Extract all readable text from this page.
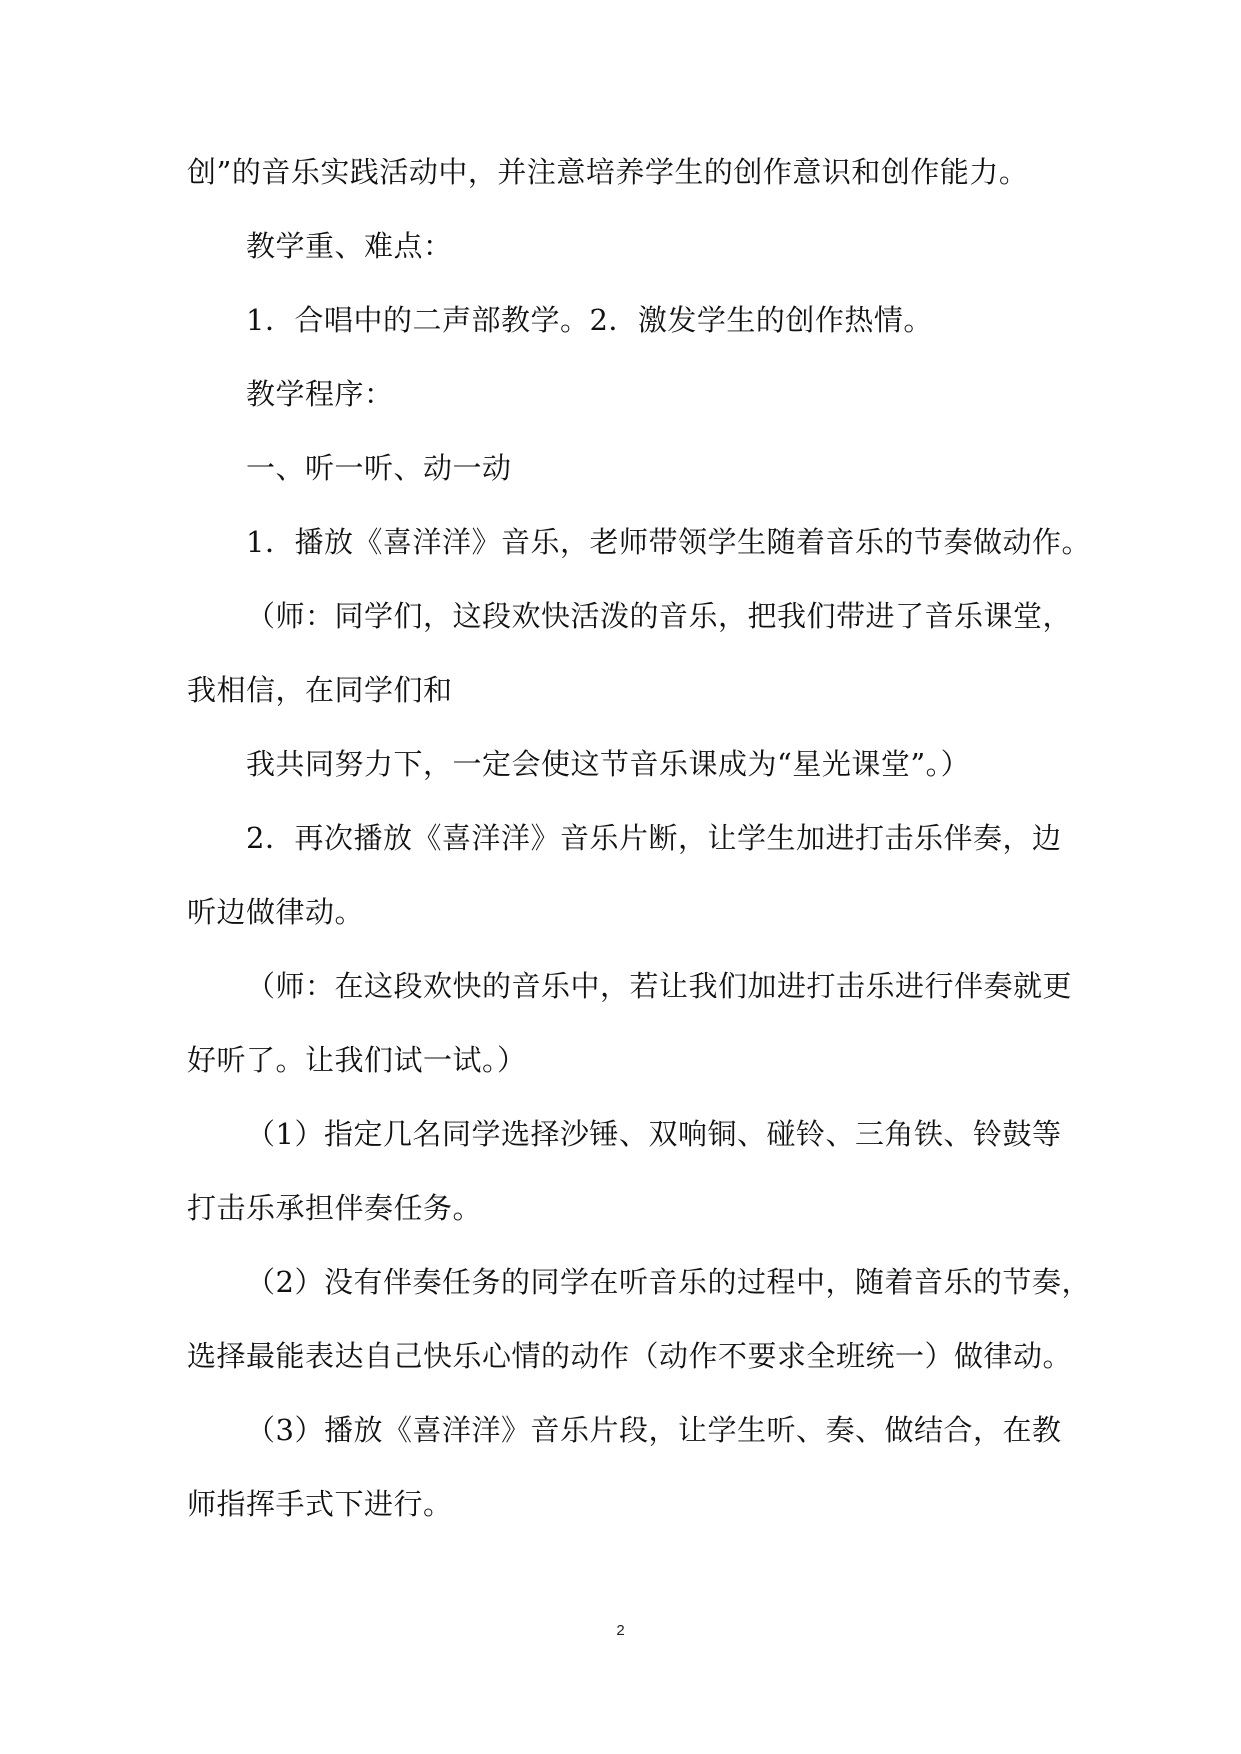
创”的音乐实践活动中，并注意培养学生的创作意识和创作能力。
教学重、难点：
1．合唱中的二声部教学。2．激发学生的创作热情。
教学程序：
一、听一听、动一动
1．播放《喜洋洋》音乐，老师带领学生随着音乐的节奏做动作。
（师：同学们，这段欢快活泼的音乐，把我们带进了音乐课堂，
我相信，在同学们和
我共同努力下，一定会使这节音乐课成为“星光课堂”。）
2．再次播放《喜洋洋》音乐片断，让学生加进打击乐伴奏，边
听边做律动。
（师：在这段欢快的音乐中，若让我们加进打击乐进行伴奏就更
好听了。让我们试一试。）
（1）指定几名同学选择沙锤、双响铜、碰铃、三角铁、铃鼓等
打击乐承担伴奏任务。
（2）没有伴奏任务的同学在听音乐的过程中，随着音乐的节奏，
选择最能表达自己快乐心情的动作（动作不要求全班统一）做律动。
（3）播放《喜洋洋》音乐片段，让学生听、奏、做结合，在教
师指挥手式下进行。
2
